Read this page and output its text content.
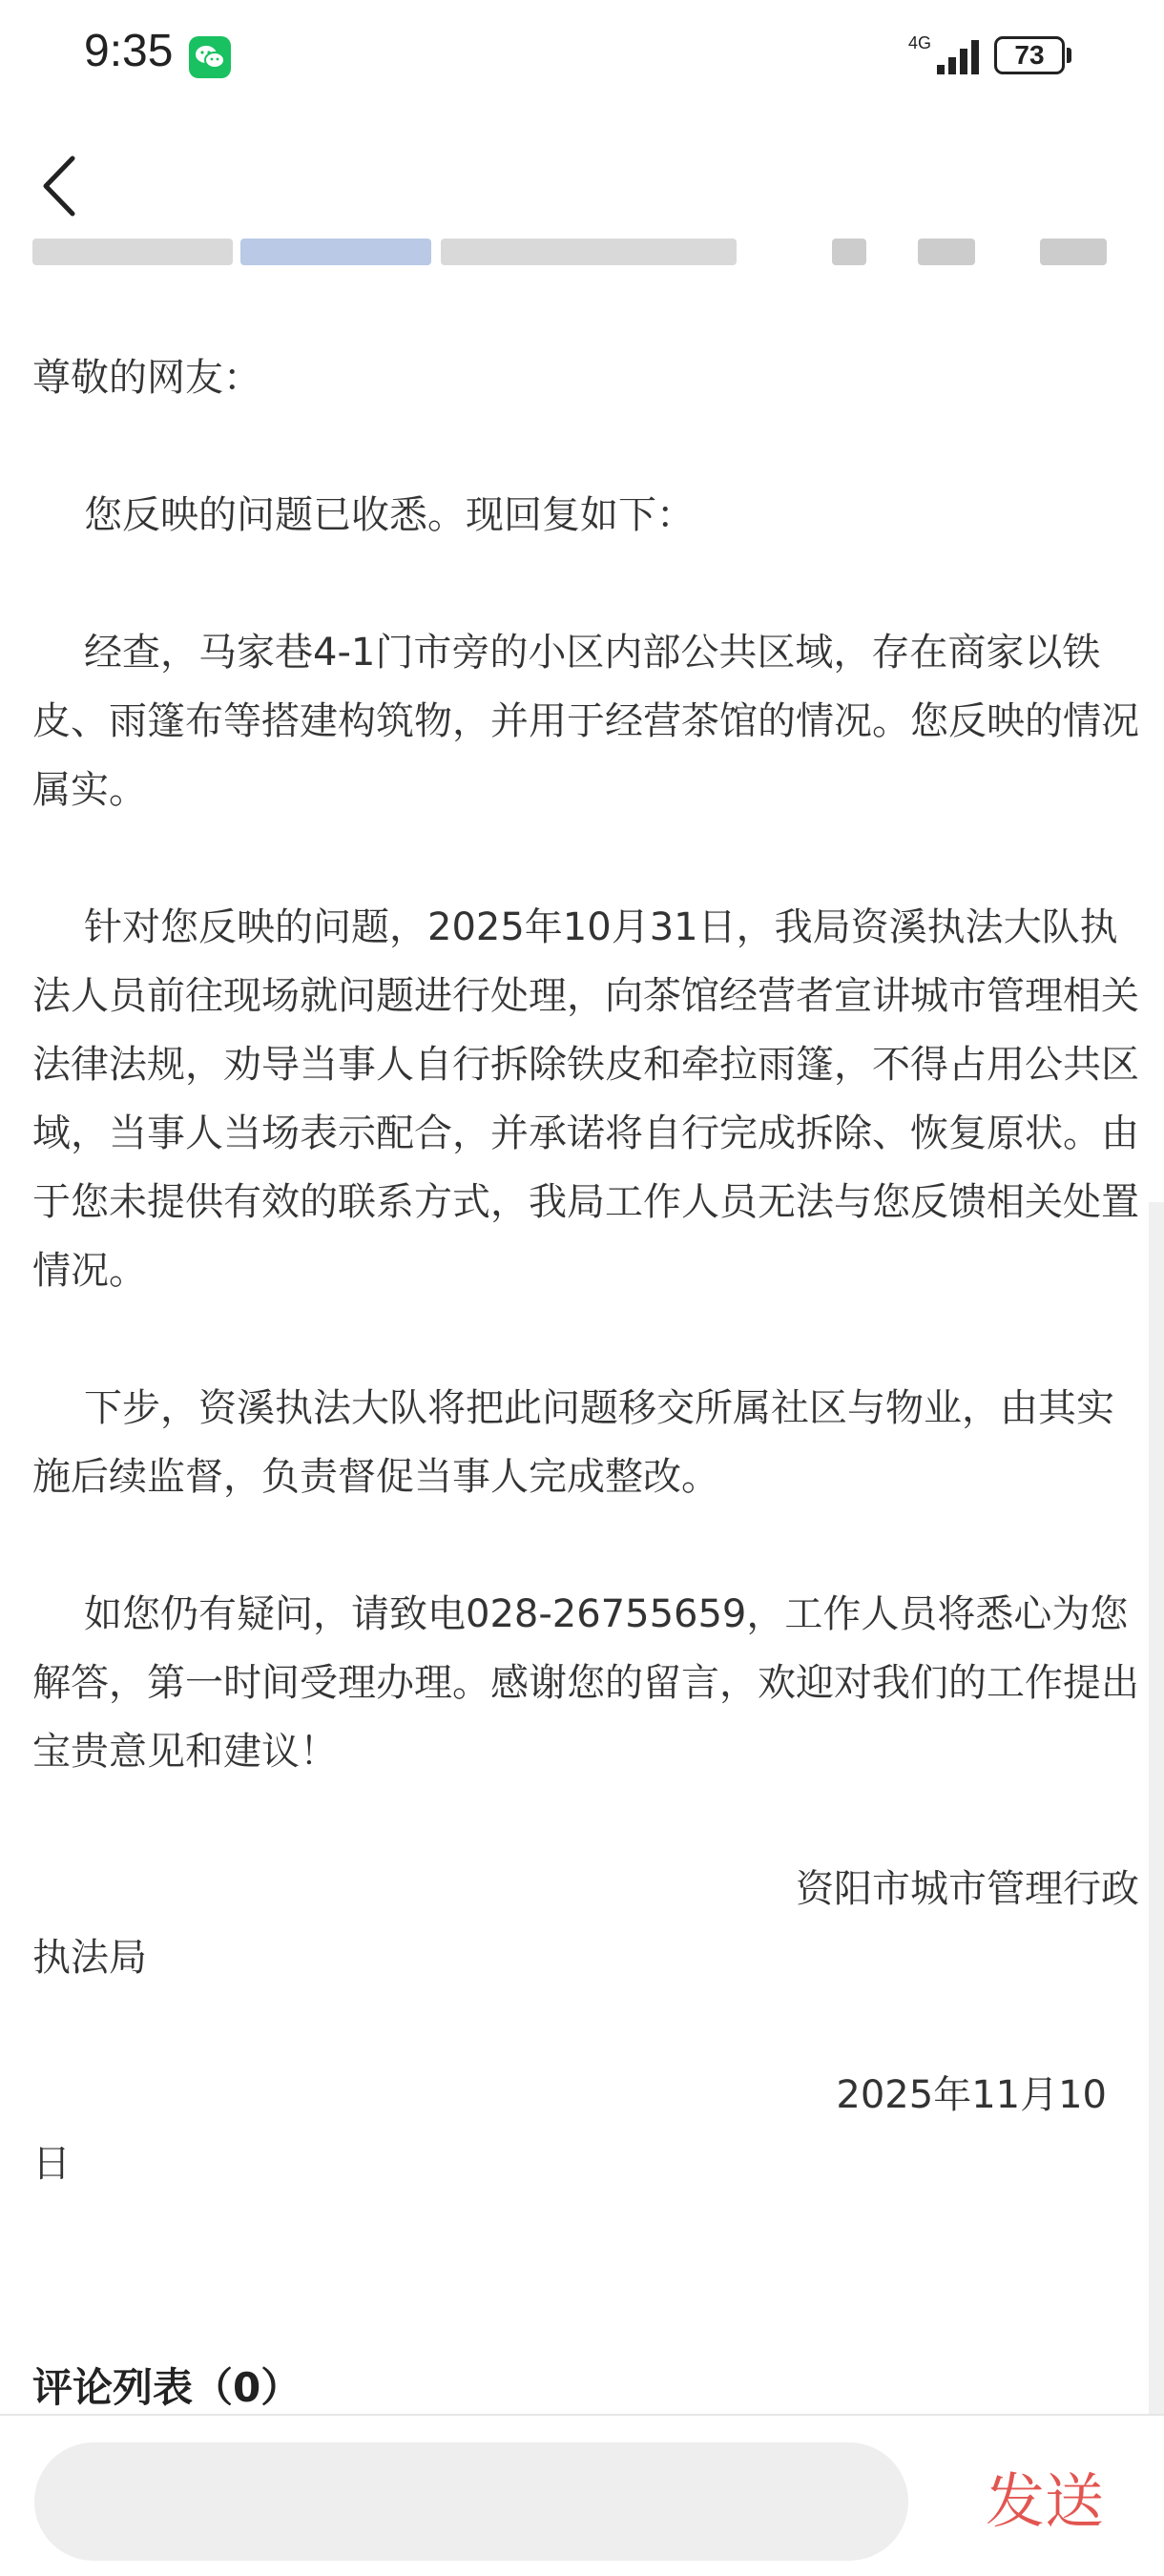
9:35	4G	73

尊敬的网友：

您反映的问题已收悉。现回复如下：

经查，马家巷4-1门市旁的小区内部公共区域，存在商家以铁皮、雨篷布等搭建构筑物，并用于经营茶馆的情况。您反映的情况属实。

针对您反映的问题，2025年10月31日，我局资溪执法大队执法人员前往现场就问题进行处理，向茶馆经营者宣讲城市管理相关法律法规，劝导当事人自行拆除铁皮和牵拉雨篷，不得占用公共区域，当事人当场表示配合，并承诺将自行完成拆除、恢复原状。由于您未提供有效的联系方式，我局工作人员无法与您反馈相关处置情况。

下步，资溪执法大队将把此问题移交所属社区与物业，由其实施后续监督，负责督促当事人完成整改。

如您仍有疑问，请致电028-26755659，工作人员将悉心为您解答，第一时间受理办理。感谢您的留言，欢迎对我们的工作提出宝贵意见和建议！

资阳市城市管理行政

执法局

2025年11月10

日

评论列表（0）
发送
